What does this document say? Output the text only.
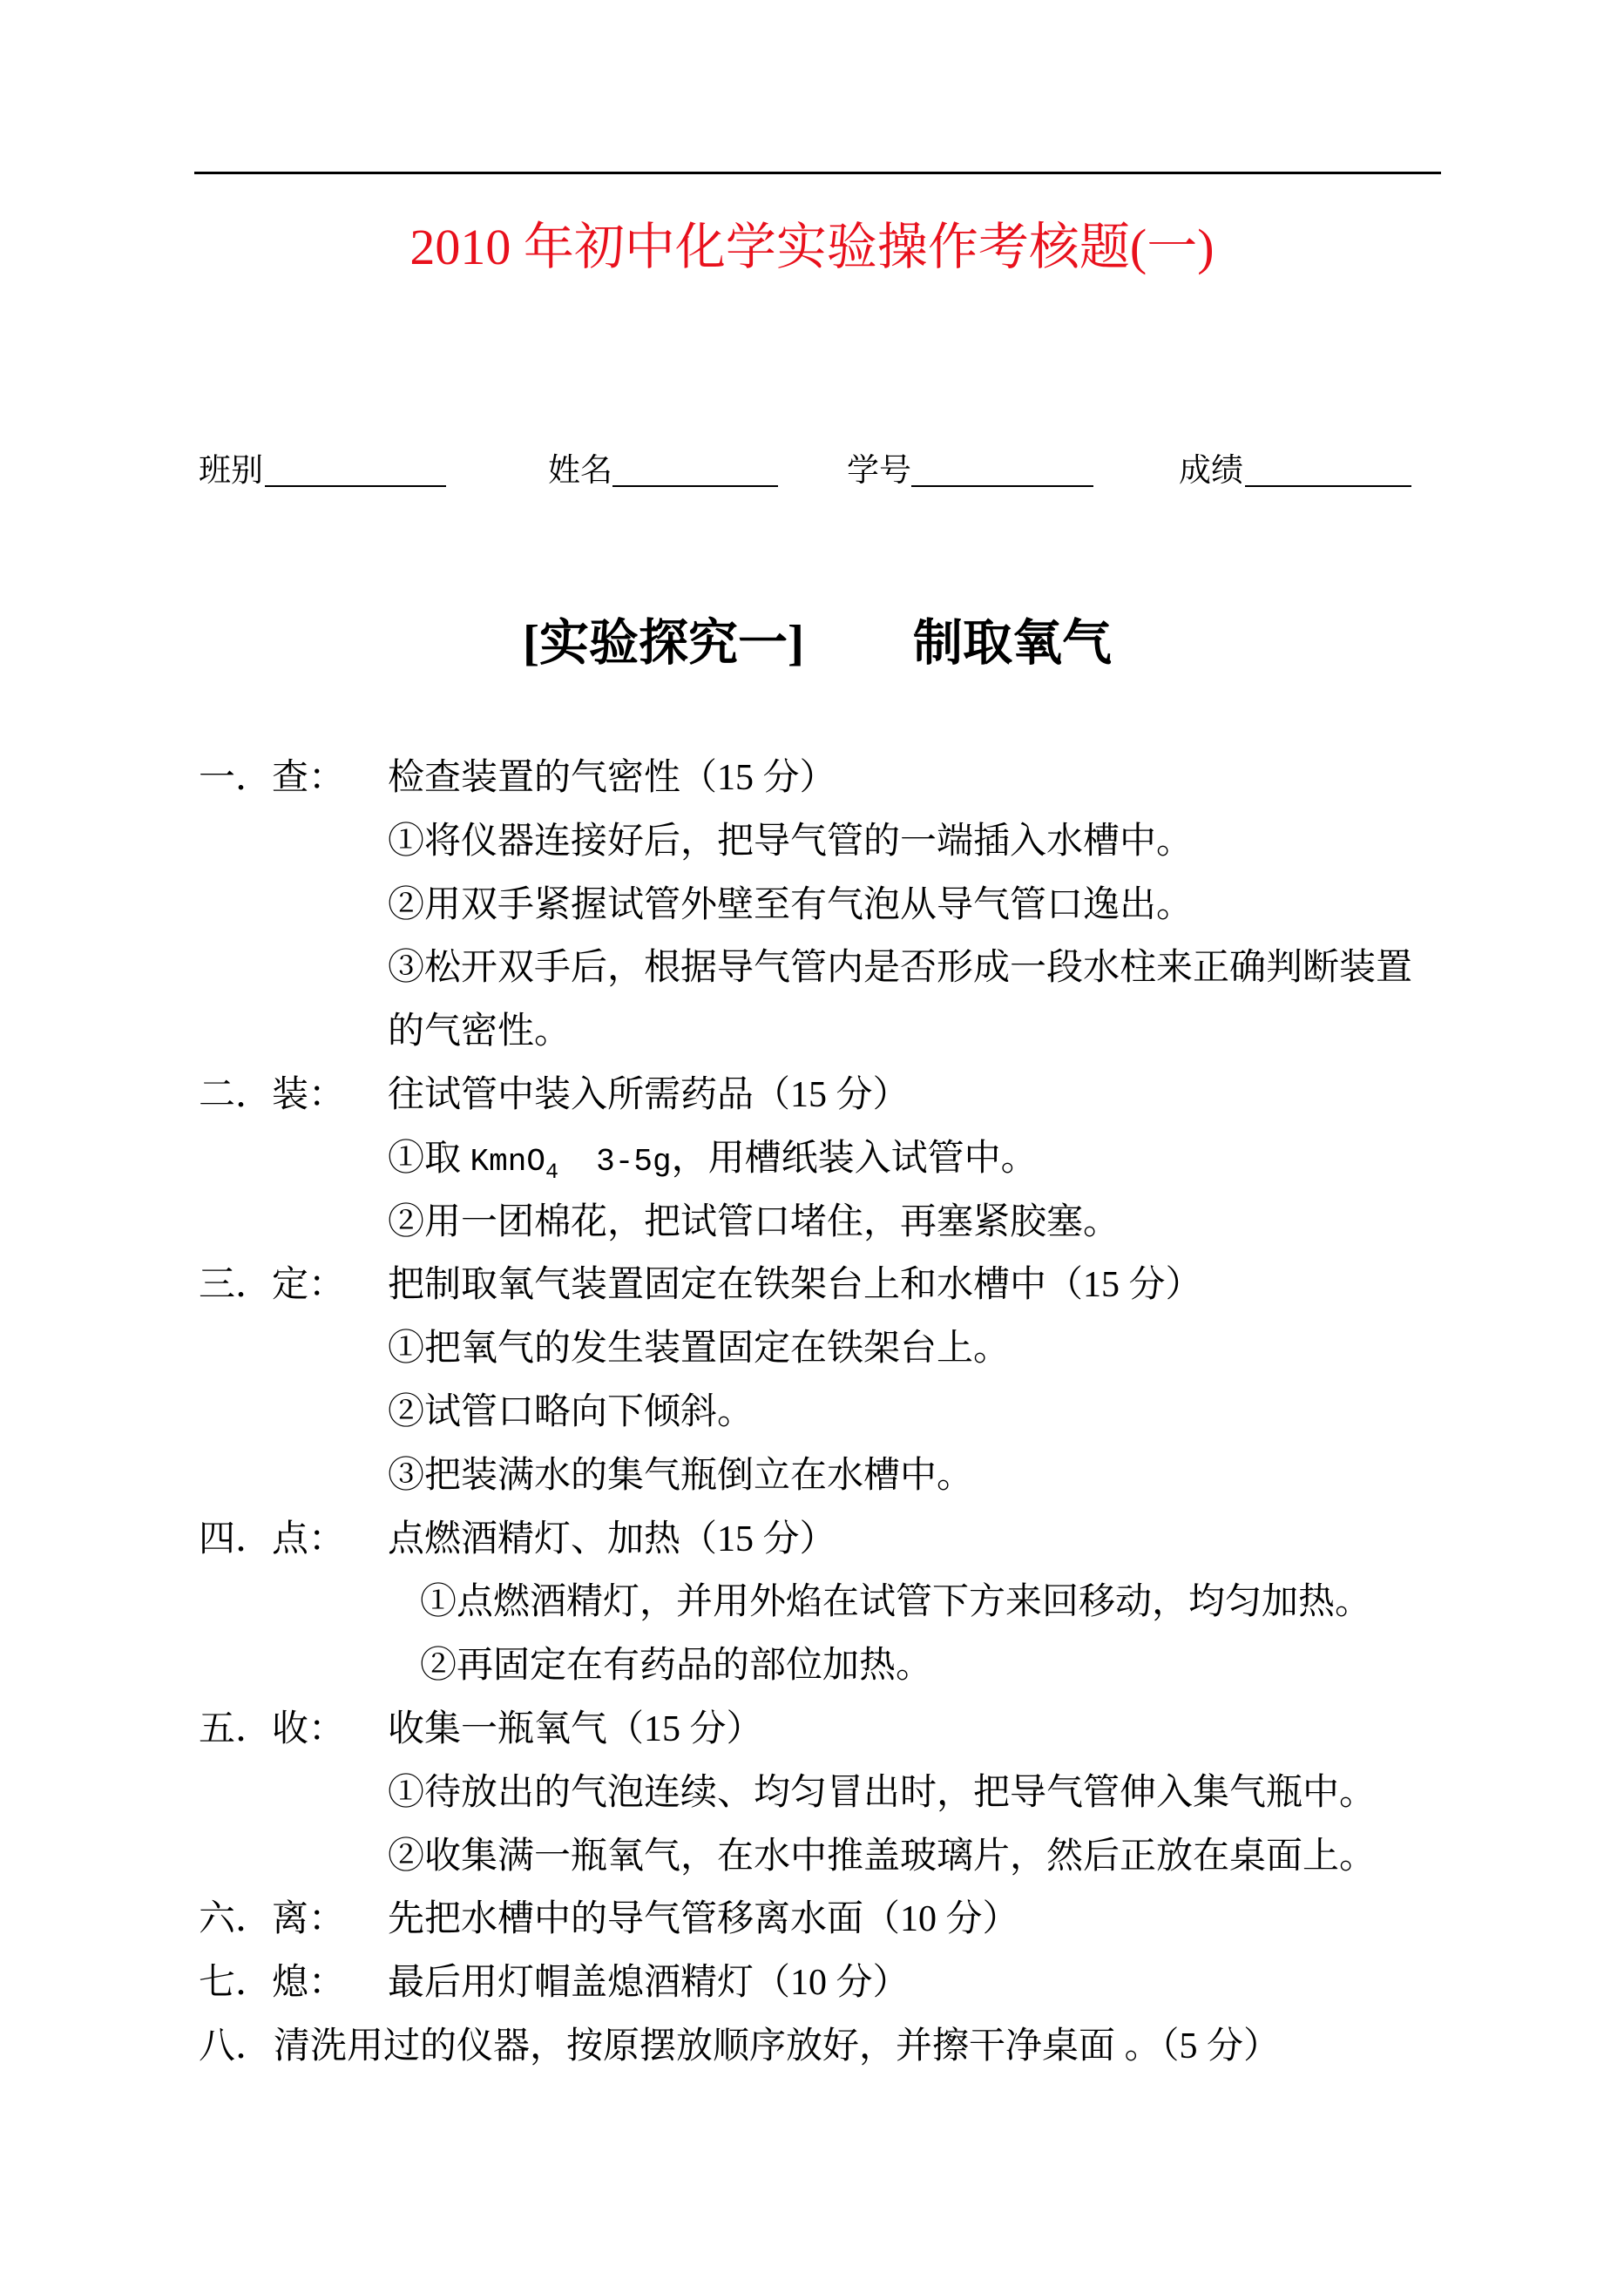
2010 年初中化学实验操作考核题(一)
班别	姓名	学号	成绩
[实验探究一] 制取氧气
一．查： 检查装置的气密性（15 分）
①将仪器连接好后，把导气管的一端插入水槽中。
②用双手紧握试管外壁至有气泡从导气管口逸出。
③松开双手后，根据导气管内是否形成一段水柱来正确判断装置
的气密性。
二．装： 往试管中装入所需药品（15 分）
①取 KmnO$_4$  3-5g，用槽纸装入试管中。
②用一团棉花，把试管口堵住，再塞紧胶塞。
三．定： 把制取氧气装置固定在铁架台上和水槽中（15 分）
①把氧气的发生装置固定在铁架台上。
②试管口略向下倾斜。
③把装满水的集气瓶倒立在水槽中。
四．点： 点燃酒精灯、加热（15 分）
①点燃酒精灯，并用外焰在试管下方来回移动，均匀加热。
②再固定在有药品的部位加热。
五．收： 收集一瓶氧气（15 分）
①待放出的气泡连续、均匀冒出时，把导气管伸入集气瓶中。
②收集满一瓶氧气，在水中推盖玻璃片，然后正放在桌面上。
六．离： 先把水槽中的导气管移离水面（10 分）
七．熄： 最后用灯帽盖熄酒精灯（10 分）
八． 清洗用过的仪器，按原摆放顺序放好，并擦干净桌面 。（5 分）
